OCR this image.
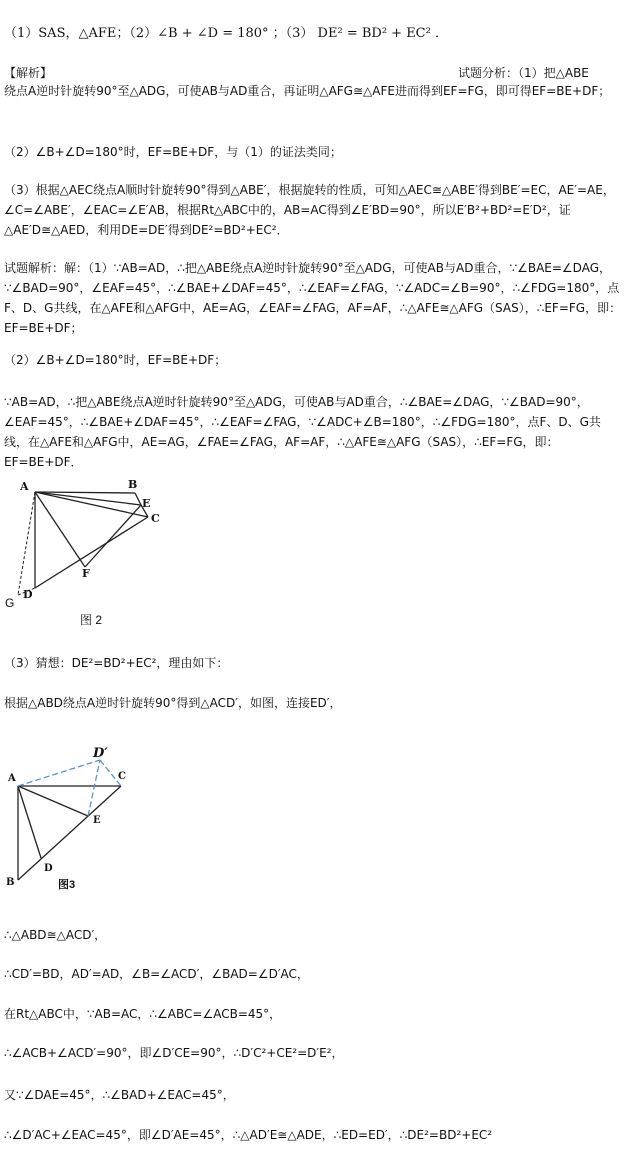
（1）SAS，△AFE；（2）∠B + ∠D = 180° ；（3） DE² = BD² + EC² ．
【解析】	试题分析：（1）把△ABE
绕点A逆时针旋转90°至△ADG，可使AB与AD重合，再证明△AFG≅△AFE进而得到EF=FG，即可得EF=BE+DF；
（2）∠B+∠D=180°时，EF=BE+DF，与（1）的证法类同；
（3）根据△AEC绕点A顺时针旋转90°得到△ABE′，根据旋转的性质，可知△AEC≅△ABE′得到BE′=EC，AE′=AE，∠C=∠ABE′，∠EAC=∠E′AB，根据Rt△ABC中的，AB=AC得到∠E′BD=90°，所以E′B²+BD²=E′D²，证△AE′D≅△AED，利用DE=DE′得到DE²=BD²+EC²．
试题解析：解：（1）∵AB=AD，∴把△ABE绕点A逆时针旋转90°至△ADG，可使AB与AD重合，∵∠BAE=∠DAG，∵∠BAD=90°，∠EAF=45°，∴∠BAE+∠DAF=45°，∴∠EAF=∠FAG，∵∠ADC=∠B=90°，∴∠FDG=180°，点F、D、G共线，在△AFE和△AFG中，AE=AG，∠EAF=∠FAG，AF=AF，∴△AFE≅△AFG（SAS），∴EF=FG，即：EF=BE+DF；
（2）∠B+∠D=180°时，EF=BE+DF；
∵AB=AD，∴把△ABE绕点A逆时针旋转90°至△ADG，可使AB与AD重合，∴∠BAE=∠DAG，∵∠BAD=90°，∠EAF=45°，∴∠BAE+∠DAF=45°，∴∠EAF=∠FAG，∵∠ADC+∠B=180°，∴∠FDG=180°，点F、D、G共线，在△AFE和△AFG中，AE=AG，∠FAE=∠FAG，AF=AF，∴△AFE≅△AFG（SAS），∴EF=FG，即：EF=BE+DF．
A	B
E
C
F
D
G
图 2
（3）猜想：DE²=BD²+EC²，理由如下：
根据△ABD绕点A逆时针旋转90°得到△ACD′，如图，连接ED′，
A	C
E
D
B
D′
图3
∴△ABD≅△ACD′，
∴CD′=BD，AD′=AD，∠B=∠ACD′，∠BAD=∠D′AC，
在Rt△ABC中，∵AB=AC，∴∠ABC=∠ACB=45°，
∴∠ACB+∠ACD′=90°，即∠D′CE=90°，∴D′C²+CE²=D′E²，
又∵∠DAE=45°，∴∠BAD+∠EAC=45°，
∴∠D′AC+∠EAC=45°，即∠D′AE=45°，∴△AD′E≅△ADE，∴ED=ED′，∴DE²=BD²+EC²
